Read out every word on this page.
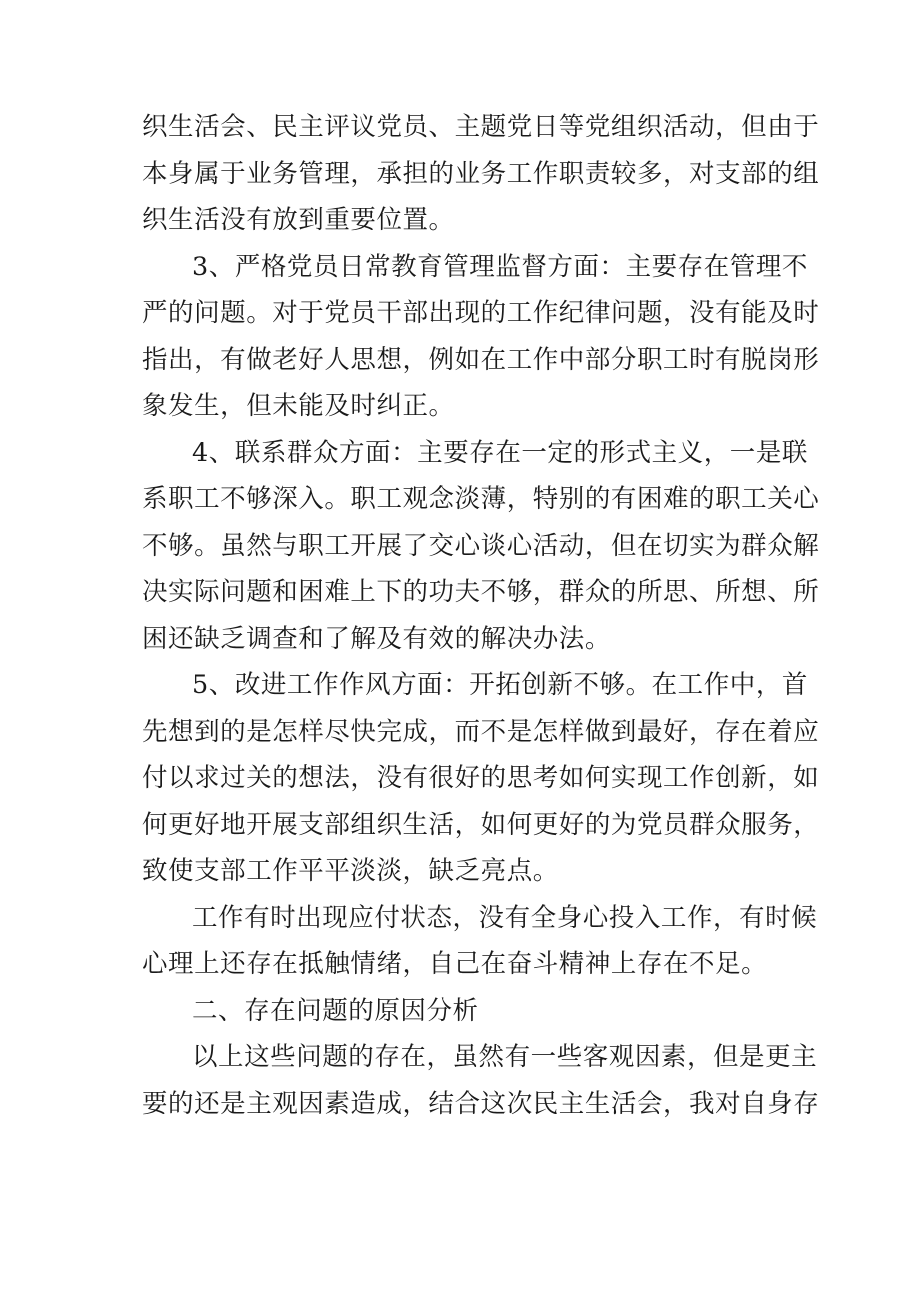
织生活会、民主评议党员、主题党日等党组织活动，但由于
本身属于业务管理，承担的业务工作职责较多，对支部的组
织生活没有放到重要位置。
3、严格党员日常教育管理监督方面：主要存在管理不
严的问题。对于党员干部出现的工作纪律问题，没有能及时
指出，有做老好人思想，例如在工作中部分职工时有脱岗形
象发生，但未能及时纠正。
4、联系群众方面：主要存在一定的形式主义，一是联
系职工不够深入。职工观念淡薄，特别的有困难的职工关心
不够。虽然与职工开展了交心谈心活动，但在切实为群众解
决实际问题和困难上下的功夫不够，群众的所思、所想、所
困还缺乏调查和了解及有效的解决办法。
5、改进工作作风方面：开拓创新不够。在工作中，首
先想到的是怎样尽快完成，而不是怎样做到最好，存在着应
付以求过关的想法，没有很好的思考如何实现工作创新，如
何更好地开展支部组织生活，如何更好的为党员群众服务，
致使支部工作平平淡淡，缺乏亮点。
工作有时出现应付状态，没有全身心投入工作，有时候
心理上还存在抵触情绪，自己在奋斗精神上存在不足。
二、存在问题的原因分析
以上这些问题的存在，虽然有一些客观因素，但是更主
要的还是主观因素造成，结合这次民主生活会，我对自身存
